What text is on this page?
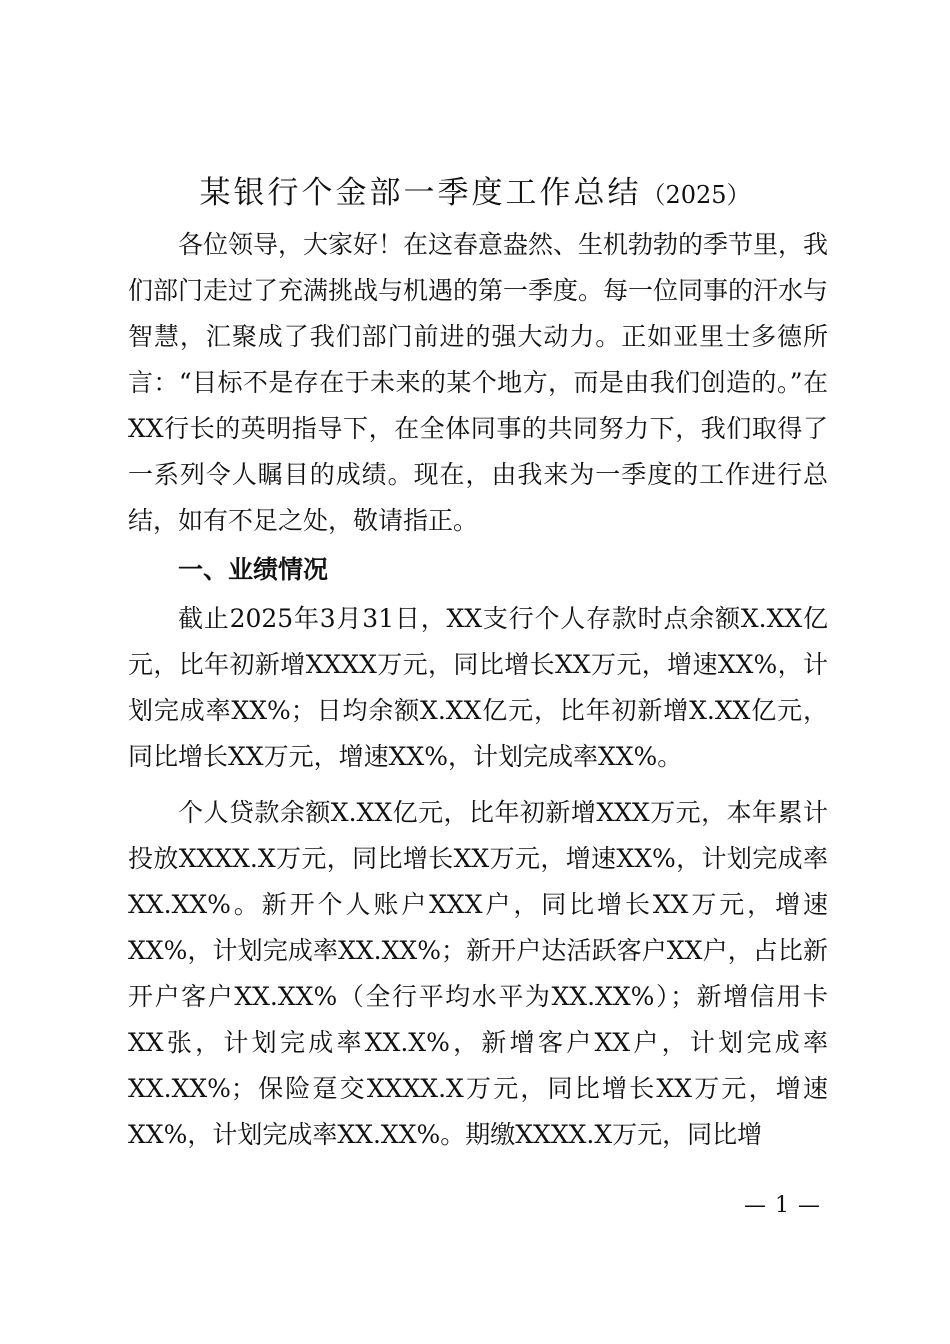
某银行个金部一季度工作总结（2025）

各位领导，大家好！在这春意盎然、生机勃勃的季节里，我们部门走过了充满挑战与机遇的第一季度。每一位同事的汗水与智慧，汇聚成了我们部门前进的强大动力。正如亚里士多德所言：“目标不是存在于未来的某个地方，而是由我们创造的。”在XX行长的英明指导下，在全体同事的共同努力下，我们取得了一系列令人瞩目的成绩。现在，由我来为一季度的工作进行总结，如有不足之处，敬请指正。

一、业绩情况

截止2025年3月31日，XX支行个人存款时点余额X.XX亿元，比年初新增XXXX万元，同比增长XX万元，增速XX%，计划完成率XX%；日均余额X.XX亿元，比年初新增X.XX亿元，同比增长XX万元，增速XX%，计划完成率XX%。

个人贷款余额X.XX亿元，比年初新增XXX万元，本年累计投放XXXX.X万元，同比增长XX万元，增速XX%，计划完成率XX.XX%。新开个人账户XXX户，同比增长XX万元，增速XX%，计划完成率XX.XX%；新开户达活跃客户XX户，占比新开户客户XX.XX%（全行平均水平为XX.XX%）；新增信用卡XX张，计划完成率XX.X%，新增客户XX户，计划完成率XX.XX%；保险趸交XXXX.X万元，同比增长XX万元，增速XX%，计划完成率XX.XX%。期缴XXXX.X万元，同比增

— 1 —
